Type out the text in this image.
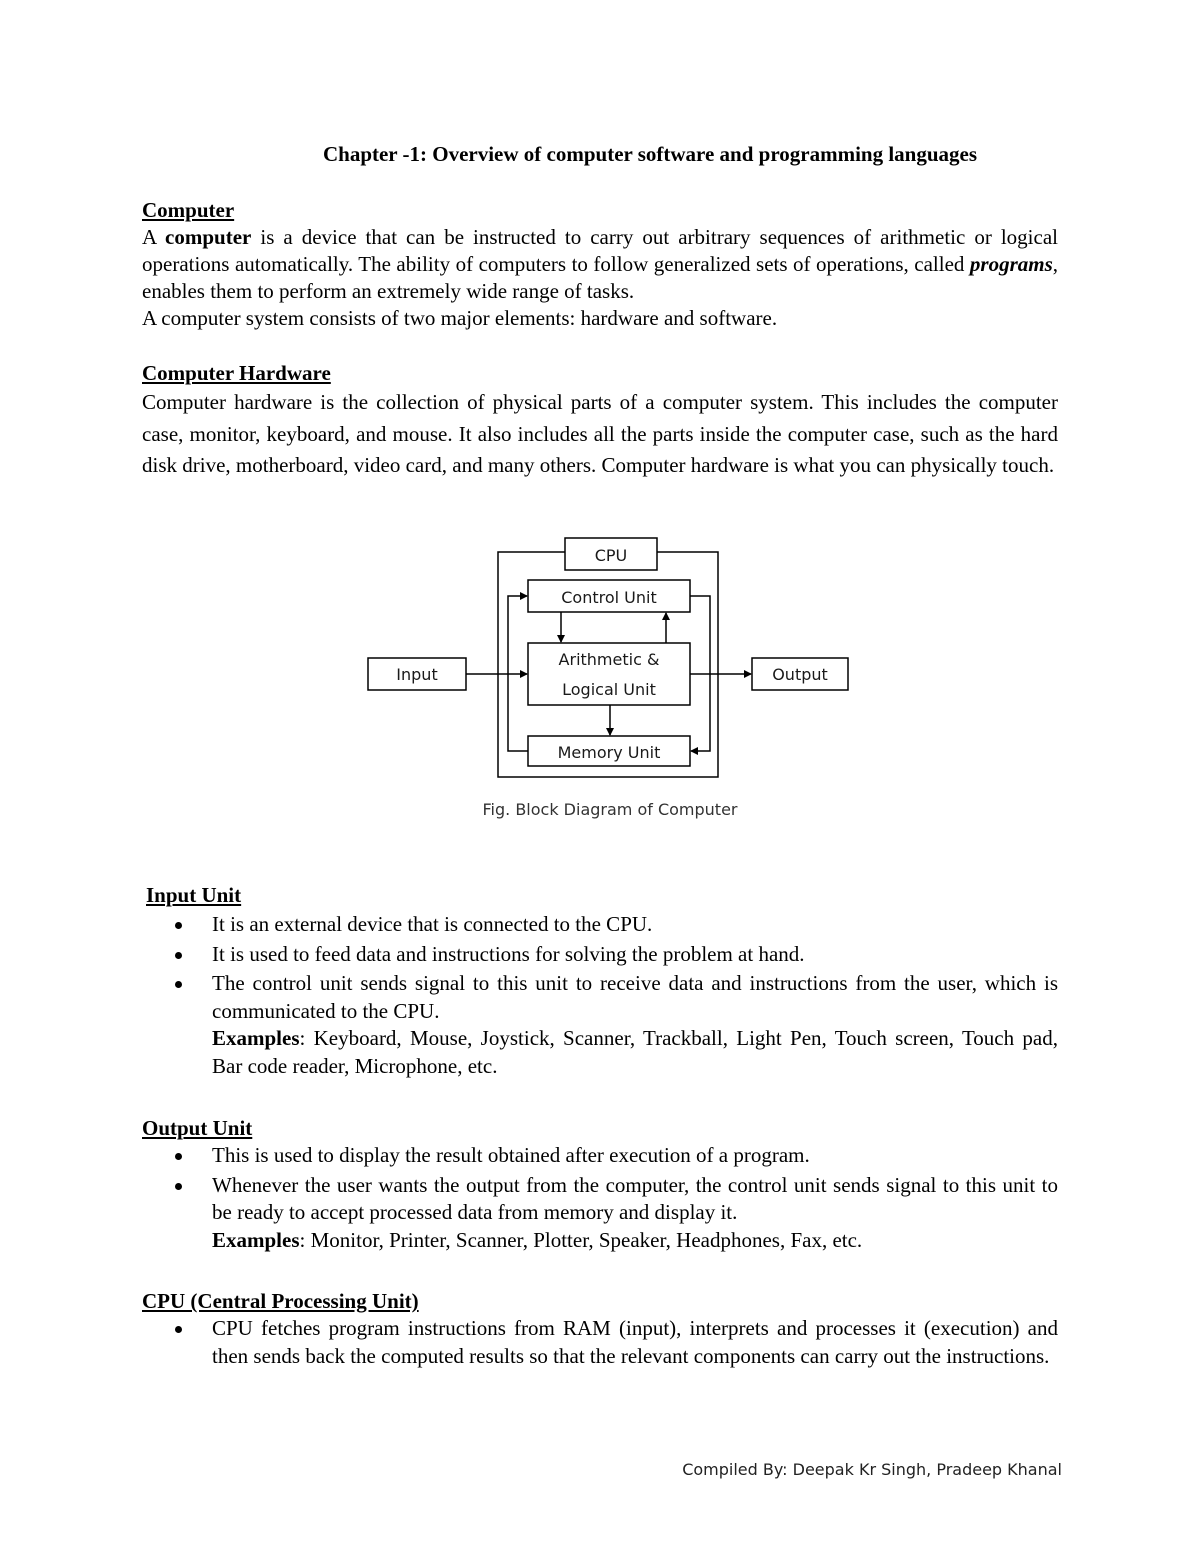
Chapter -1: Overview of computer software and programming languages

Computer

A computer is a device that can be instructed to carry out arbitrary sequences of arithmetic or logical operations automatically. The ability of computers to follow generalized sets of operations, called programs, enables them to perform an extremely wide range of tasks.

A computer system consists of two major elements: hardware and software.

Computer Hardware

Computer hardware is the collection of physical parts of a computer system. This includes the computer case, monitor, keyboard, and mouse. It also includes all the parts inside the computer case, such as the hard disk drive, motherboard, video card, and many others. Computer hardware is what you can physically touch.

CPU
Control Unit
Arithmetic &
Logical Unit
Memory Unit
Input	Output
Fig. Block Diagram of Computer

Input Unit

It is an external device that is connected to the CPU.
It is used to feed data and instructions for solving the problem at hand.
The control unit sends signal to this unit to receive data and instructions from the user, which is communicated to the CPU.
Examples: Keyboard, Mouse, Joystick, Scanner, Trackball, Light Pen, Touch screen, Touch pad, Bar code reader, Microphone, etc.

Output Unit

This is used to display the result obtained after execution of a program.
Whenever the user wants the output from the computer, the control unit sends signal to this unit to be ready to accept processed data from memory and display it.
Examples: Monitor, Printer, Scanner, Plotter, Speaker, Headphones, Fax, etc.

CPU (Central Processing Unit)

CPU fetches program instructions from RAM (input), interprets and processes it (execution) and then sends back the computed results so that the relevant components can carry out the instructions.
Compiled By: Deepak Kr Singh, Pradeep Khanal
